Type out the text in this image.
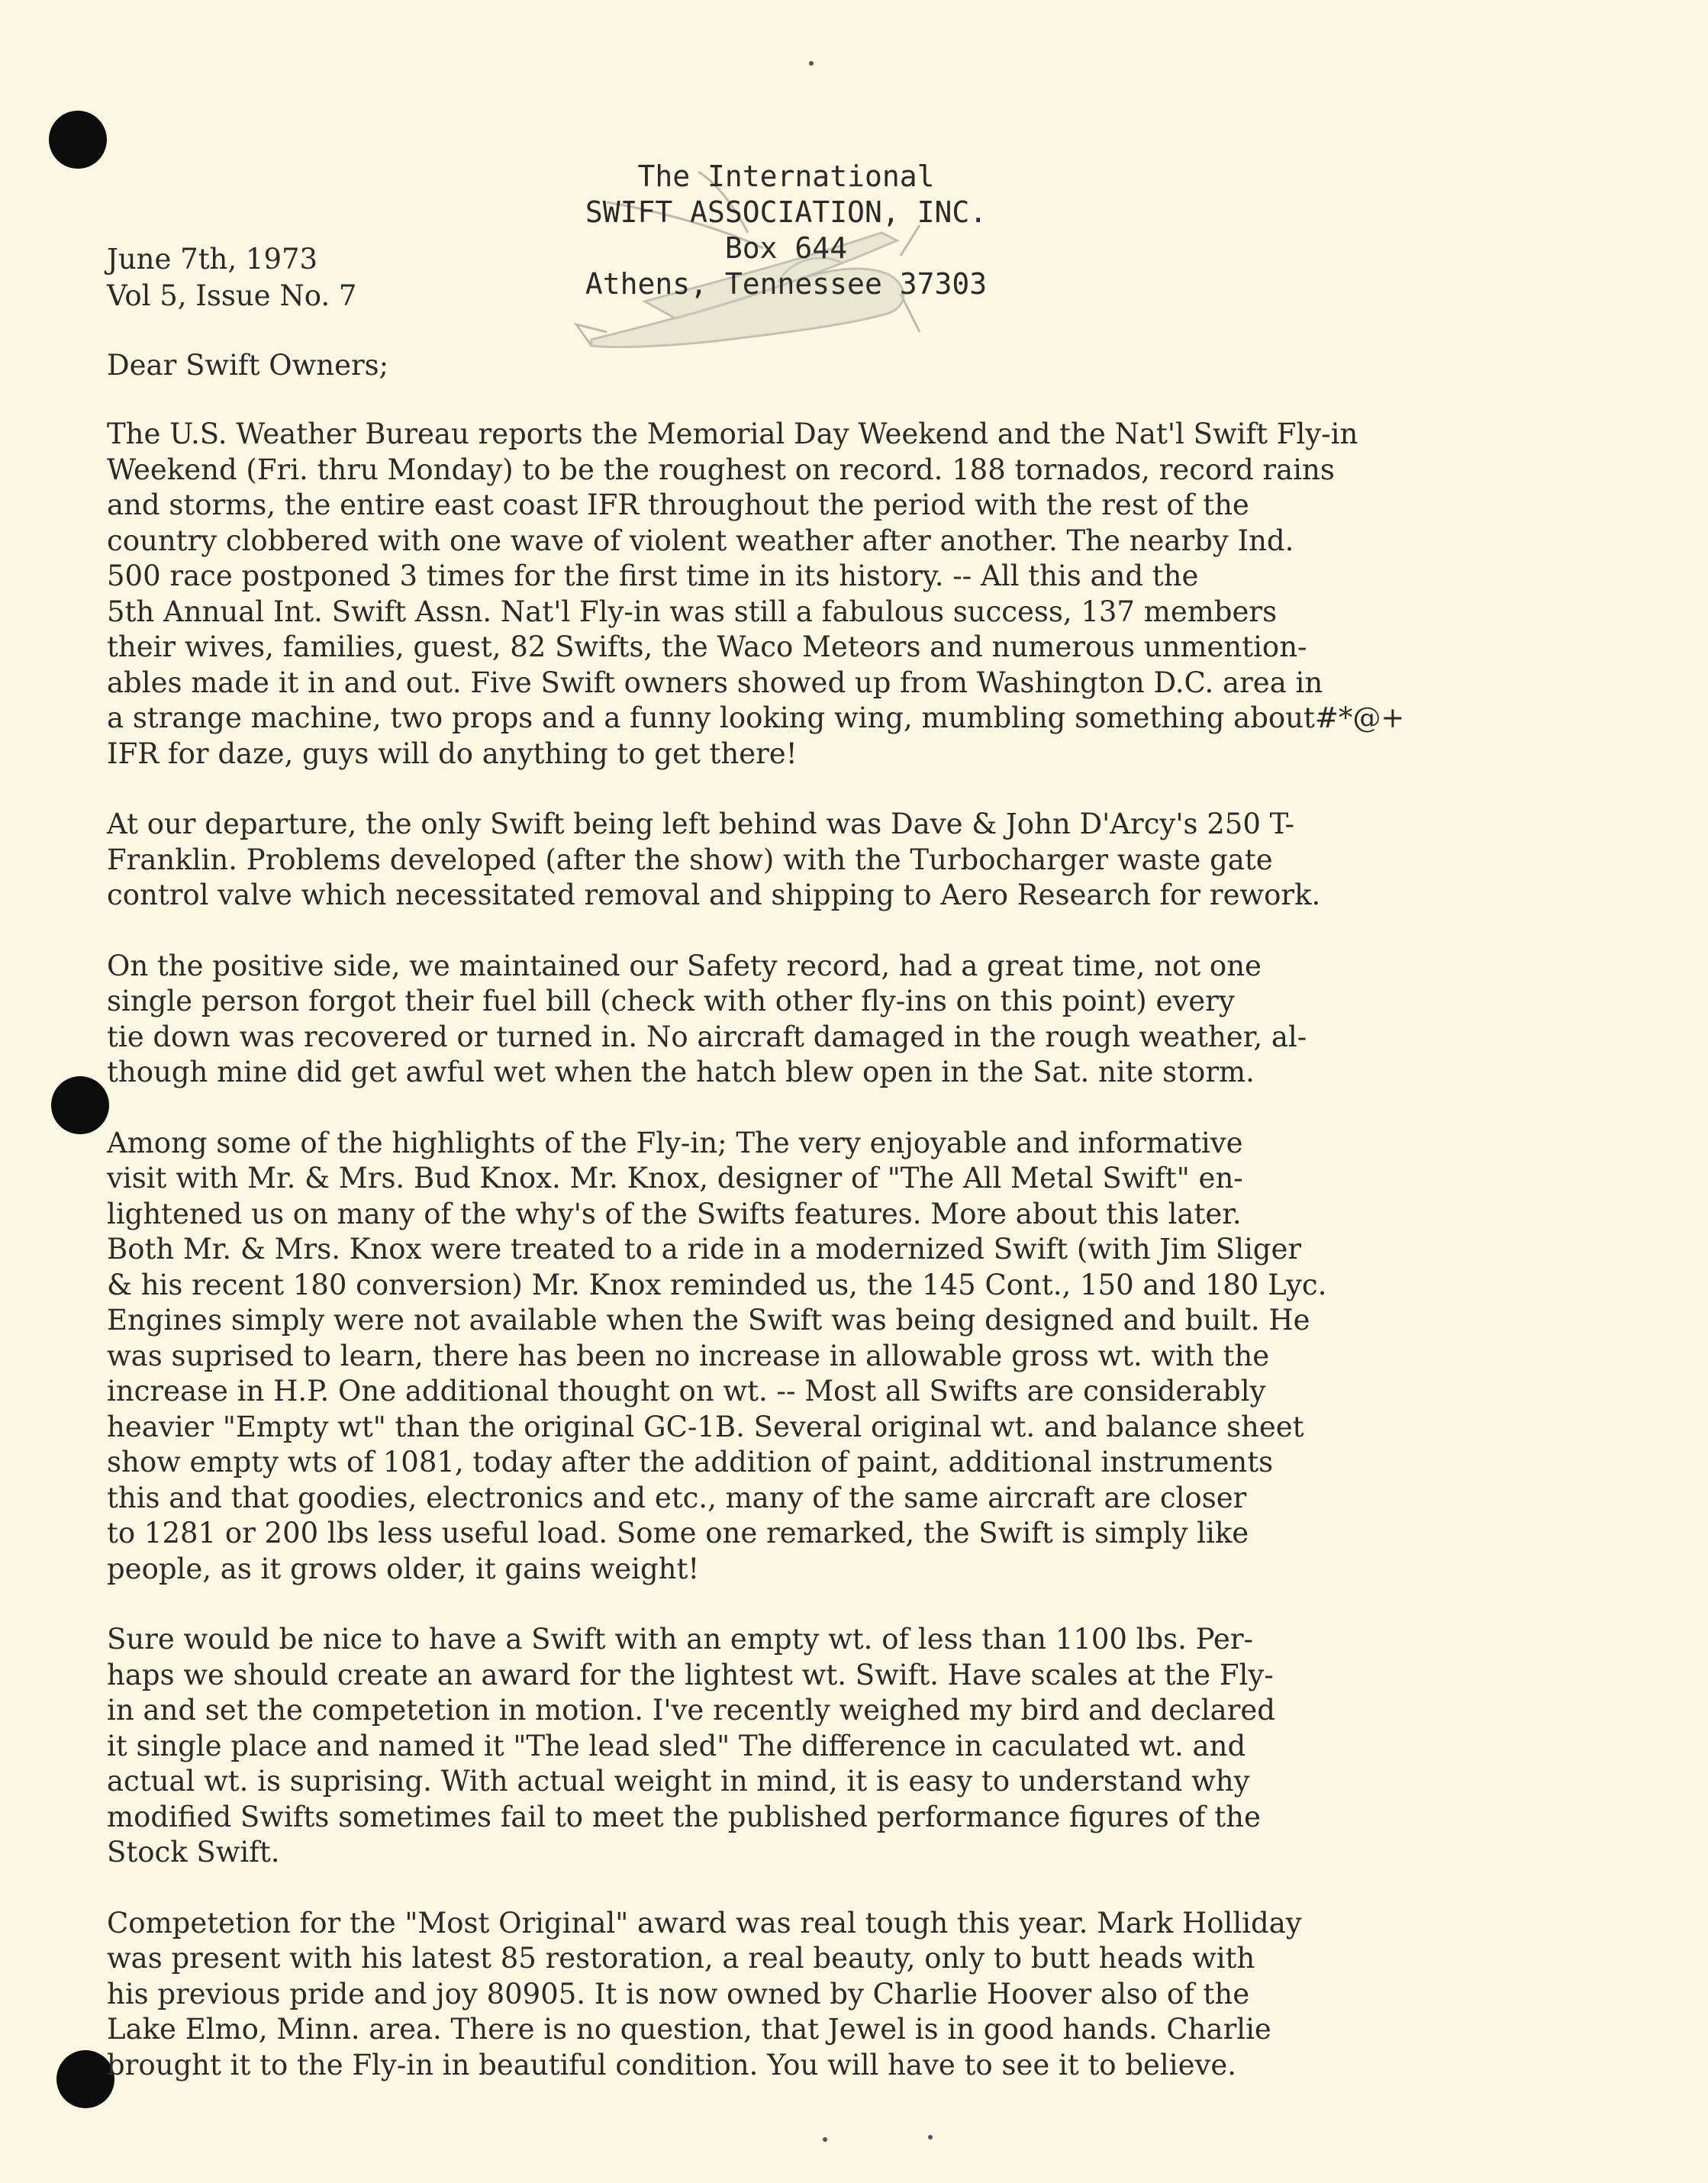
The International
SWIFT ASSOCIATION, INC.
Box 644
Athens, Tennessee 37303
June 7th, 1973
Vol 5, Issue No. 7
Dear Swift Owners;
The U.S. Weather Bureau reports the Memorial Day Weekend and the Nat'l Swift Fly-in
Weekend (Fri. thru Monday) to be the roughest on record. 188 tornados, record rains
and storms, the entire east coast IFR throughout the period with the rest of the
country clobbered with one wave of violent weather after another. The nearby Ind.
500 race postponed 3 times for the first time in its history. -- All this and the
5th Annual Int. Swift Assn. Nat'l Fly-in was still a fabulous success, 137 members
their wives, families, guest, 82 Swifts, the Waco Meteors and numerous unmention-
ables made it in and out. Five Swift owners showed up from Washington D.C. area in
a strange machine, two props and a funny looking wing, mumbling something about#*@+
IFR for daze, guys will do anything to get there!
At our departure, the only Swift being left behind was Dave & John D'Arcy's 250 T-
Franklin. Problems developed (after the show) with the Turbocharger waste gate
control valve which necessitated removal and shipping to Aero Research for rework.
On the positive side, we maintained our Safety record, had a great time, not one
single person forgot their fuel bill (check with other fly-ins on this point) every
tie down was recovered or turned in. No aircraft damaged in the rough weather, al-
though mine did get awful wet when the hatch blew open in the Sat. nite storm.
Among some of the highlights of the Fly-in; The very enjoyable and informative
visit with Mr. & Mrs. Bud Knox. Mr. Knox, designer of "The All Metal Swift" en-
lightened us on many of the why's of the Swifts features. More about this later.
Both Mr. & Mrs. Knox were treated to a ride in a modernized Swift (with Jim Sliger
& his recent 180 conversion) Mr. Knox reminded us, the 145 Cont., 150 and 180 Lyc.
Engines simply were not available when the Swift was being designed and built. He
was suprised to learn, there has been no increase in allowable gross wt. with the
increase in H.P. One additional thought on wt. -- Most all Swifts are considerably
heavier "Empty wt" than the original GC-1B. Several original wt. and balance sheet
show empty wts of 1081, today after the addition of paint, additional instruments
this and that goodies, electronics and etc., many of the same aircraft are closer
to 1281 or 200 lbs less useful load. Some one remarked, the Swift is simply like
people, as it grows older, it gains weight!
Sure would be nice to have a Swift with an empty wt. of less than 1100 lbs. Per-
haps we should create an award for the lightest wt. Swift. Have scales at the Fly-
in and set the competetion in motion. I've recently weighed my bird and declared
it single place and named it "The lead sled" The difference in caculated wt. and
actual wt. is suprising. With actual weight in mind, it is easy to understand why
modified Swifts sometimes fail to meet the published performance figures of the
Stock Swift.
Competetion for the "Most Original" award was real tough this year. Mark Holliday
was present with his latest 85 restoration, a real beauty, only to butt heads with
his previous pride and joy 80905. It is now owned by Charlie Hoover also of the
Lake Elmo, Minn. area. There is no question, that Jewel is in good hands. Charlie
brought it to the Fly-in in beautiful condition. You will have to see it to believe.
